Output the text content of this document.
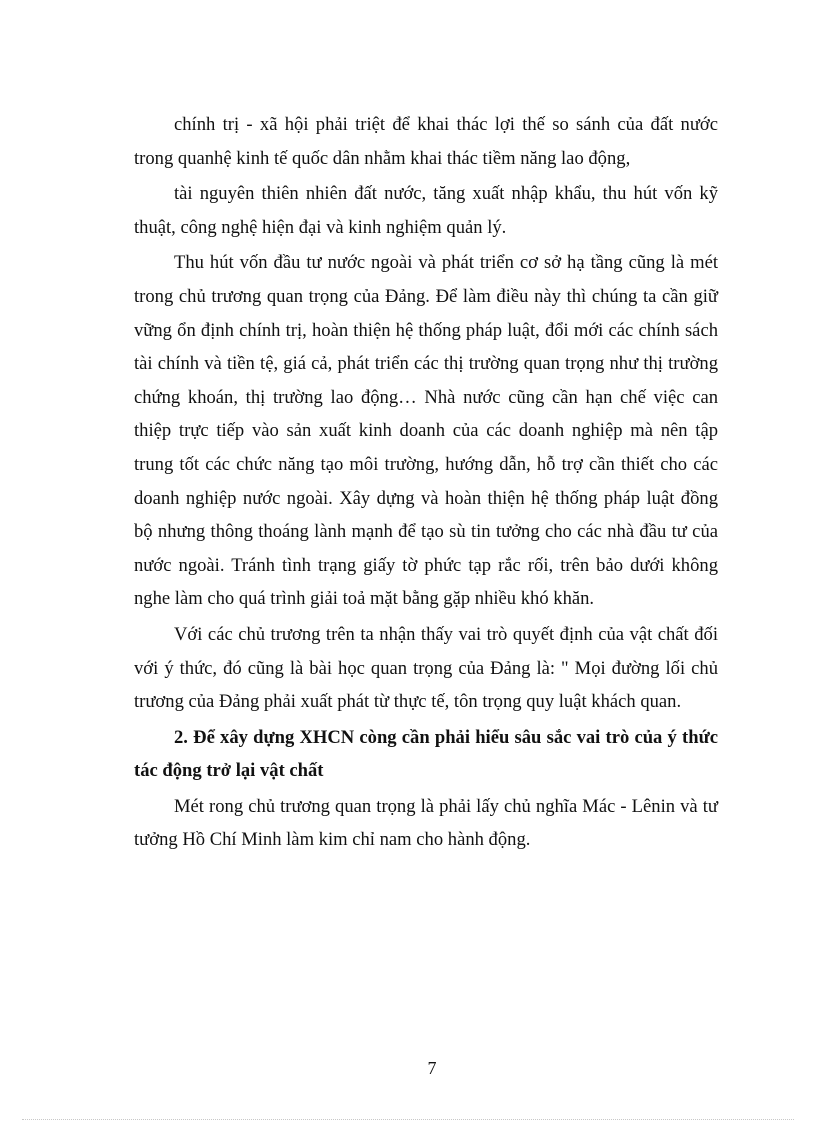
chính trị - xã hội phải triệt để khai thác lợi thế so sánh của đất nước trong quanhệ kinh tế quốc dân nhằm khai thác tiềm năng lao động,

tài nguyên thiên nhiên đất nước, tăng xuất nhập khẩu, thu hút vốn kỹ thuật, công nghệ hiện đại và kinh nghiệm quản lý.

Thu hút vốn đầu tư nước ngoài và phát triển cơ sở hạ tầng cũng là mét trong chủ trương quan trọng của Đảng. Để làm điều này thì chúng ta cần giữ vững ổn định chính trị, hoàn thiện hệ thống pháp luật, đổi mới các chính sách tài chính và tiền tệ, giá cả, phát triển các thị trường quan trọng như thị trường chứng khoán, thị trường lao động… Nhà nước cũng cần hạn chế việc can thiệp trực tiếp vào sản xuất kinh doanh của các doanh nghiệp mà nên tập trung tốt các chức năng tạo môi trường, hướng dẫn, hỗ trợ cần thiết cho các doanh nghiệp nước ngoài. Xây dựng và hoàn thiện hệ thống pháp luật đồng bộ nhưng thông thoáng lành mạnh để tạo sù tin tưởng cho các nhà đầu tư của nước ngoài. Tránh tình trạng giấy tờ phức tạp rắc rối, trên bảo dưới không nghe làm cho quá trình giải toả mặt bằng gặp nhiều khó khăn.

Với các chủ trương trên ta nhận thấy vai trò quyết định của vật chất đối với ý thức, đó cũng là bài học quan trọng của Đảng là: " Mọi đường lối chủ trương của Đảng phải xuất phát từ thực tế, tôn trọng quy luật khách quan.

2. Để xây dựng XHCN còng cần phải hiểu sâu sắc vai trò của ý thức tác động trở lại vật chất

Mét rong chủ trương quan trọng là phải lấy chủ nghĩa Mác - Lênin và tư tưởng Hồ Chí Minh làm kim chỉ nam cho hành động.

7
